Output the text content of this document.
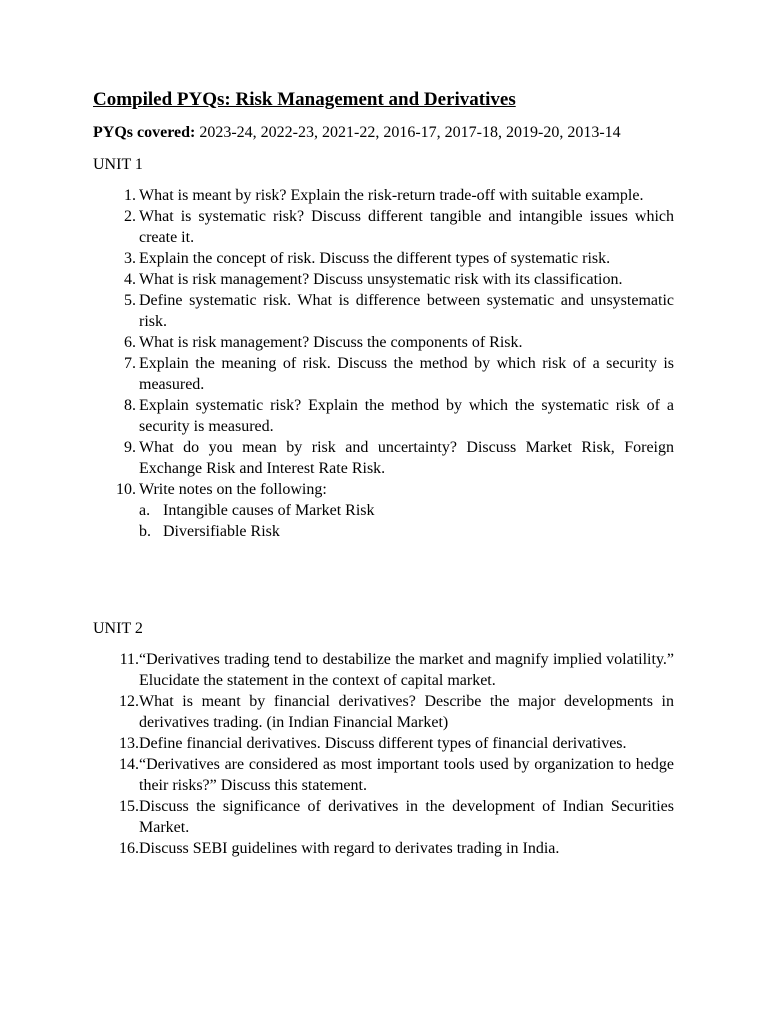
Compiled PYQs: Risk Management and Derivatives

PYQs covered: 2023-24, 2022-23, 2021-22, 2016-17, 2017-18, 2019-20, 2013-14

UNIT 1

1. What is meant by risk? Explain the risk-return trade-off with suitable example.
2. What is systematic risk? Discuss different tangible and intangible issues which create it.
3. Explain the concept of risk. Discuss the different types of systematic risk.
4. What is risk management? Discuss unsystematic risk with its classification.
5. Define systematic risk. What is difference between systematic and unsystematic risk.
6. What is risk management? Discuss the components of Risk.
7. Explain the meaning of risk. Discuss the method by which risk of a security is measured.
8. Explain systematic risk? Explain the method by which the systematic risk of a security is measured.
9. What do you mean by risk and uncertainty? Discuss Market Risk, Foreign Exchange Risk and Interest Rate Risk.
10. Write notes on the following:
a. Intangible causes of Market Risk
b. Diversifiable Risk

UNIT 2

11. “Derivatives trading tend to destabilize the market and magnify implied volatility.” Elucidate the statement in the context of capital market.
12. What is meant by financial derivatives? Describe the major developments in derivatives trading. (in Indian Financial Market)
13. Define financial derivatives. Discuss different types of financial derivatives.
14. “Derivatives are considered as most important tools used by organization to hedge their risks?” Discuss this statement.
15. Discuss the significance of derivatives in the development of Indian Securities Market.
16. Discuss SEBI guidelines with regard to derivates trading in India.
